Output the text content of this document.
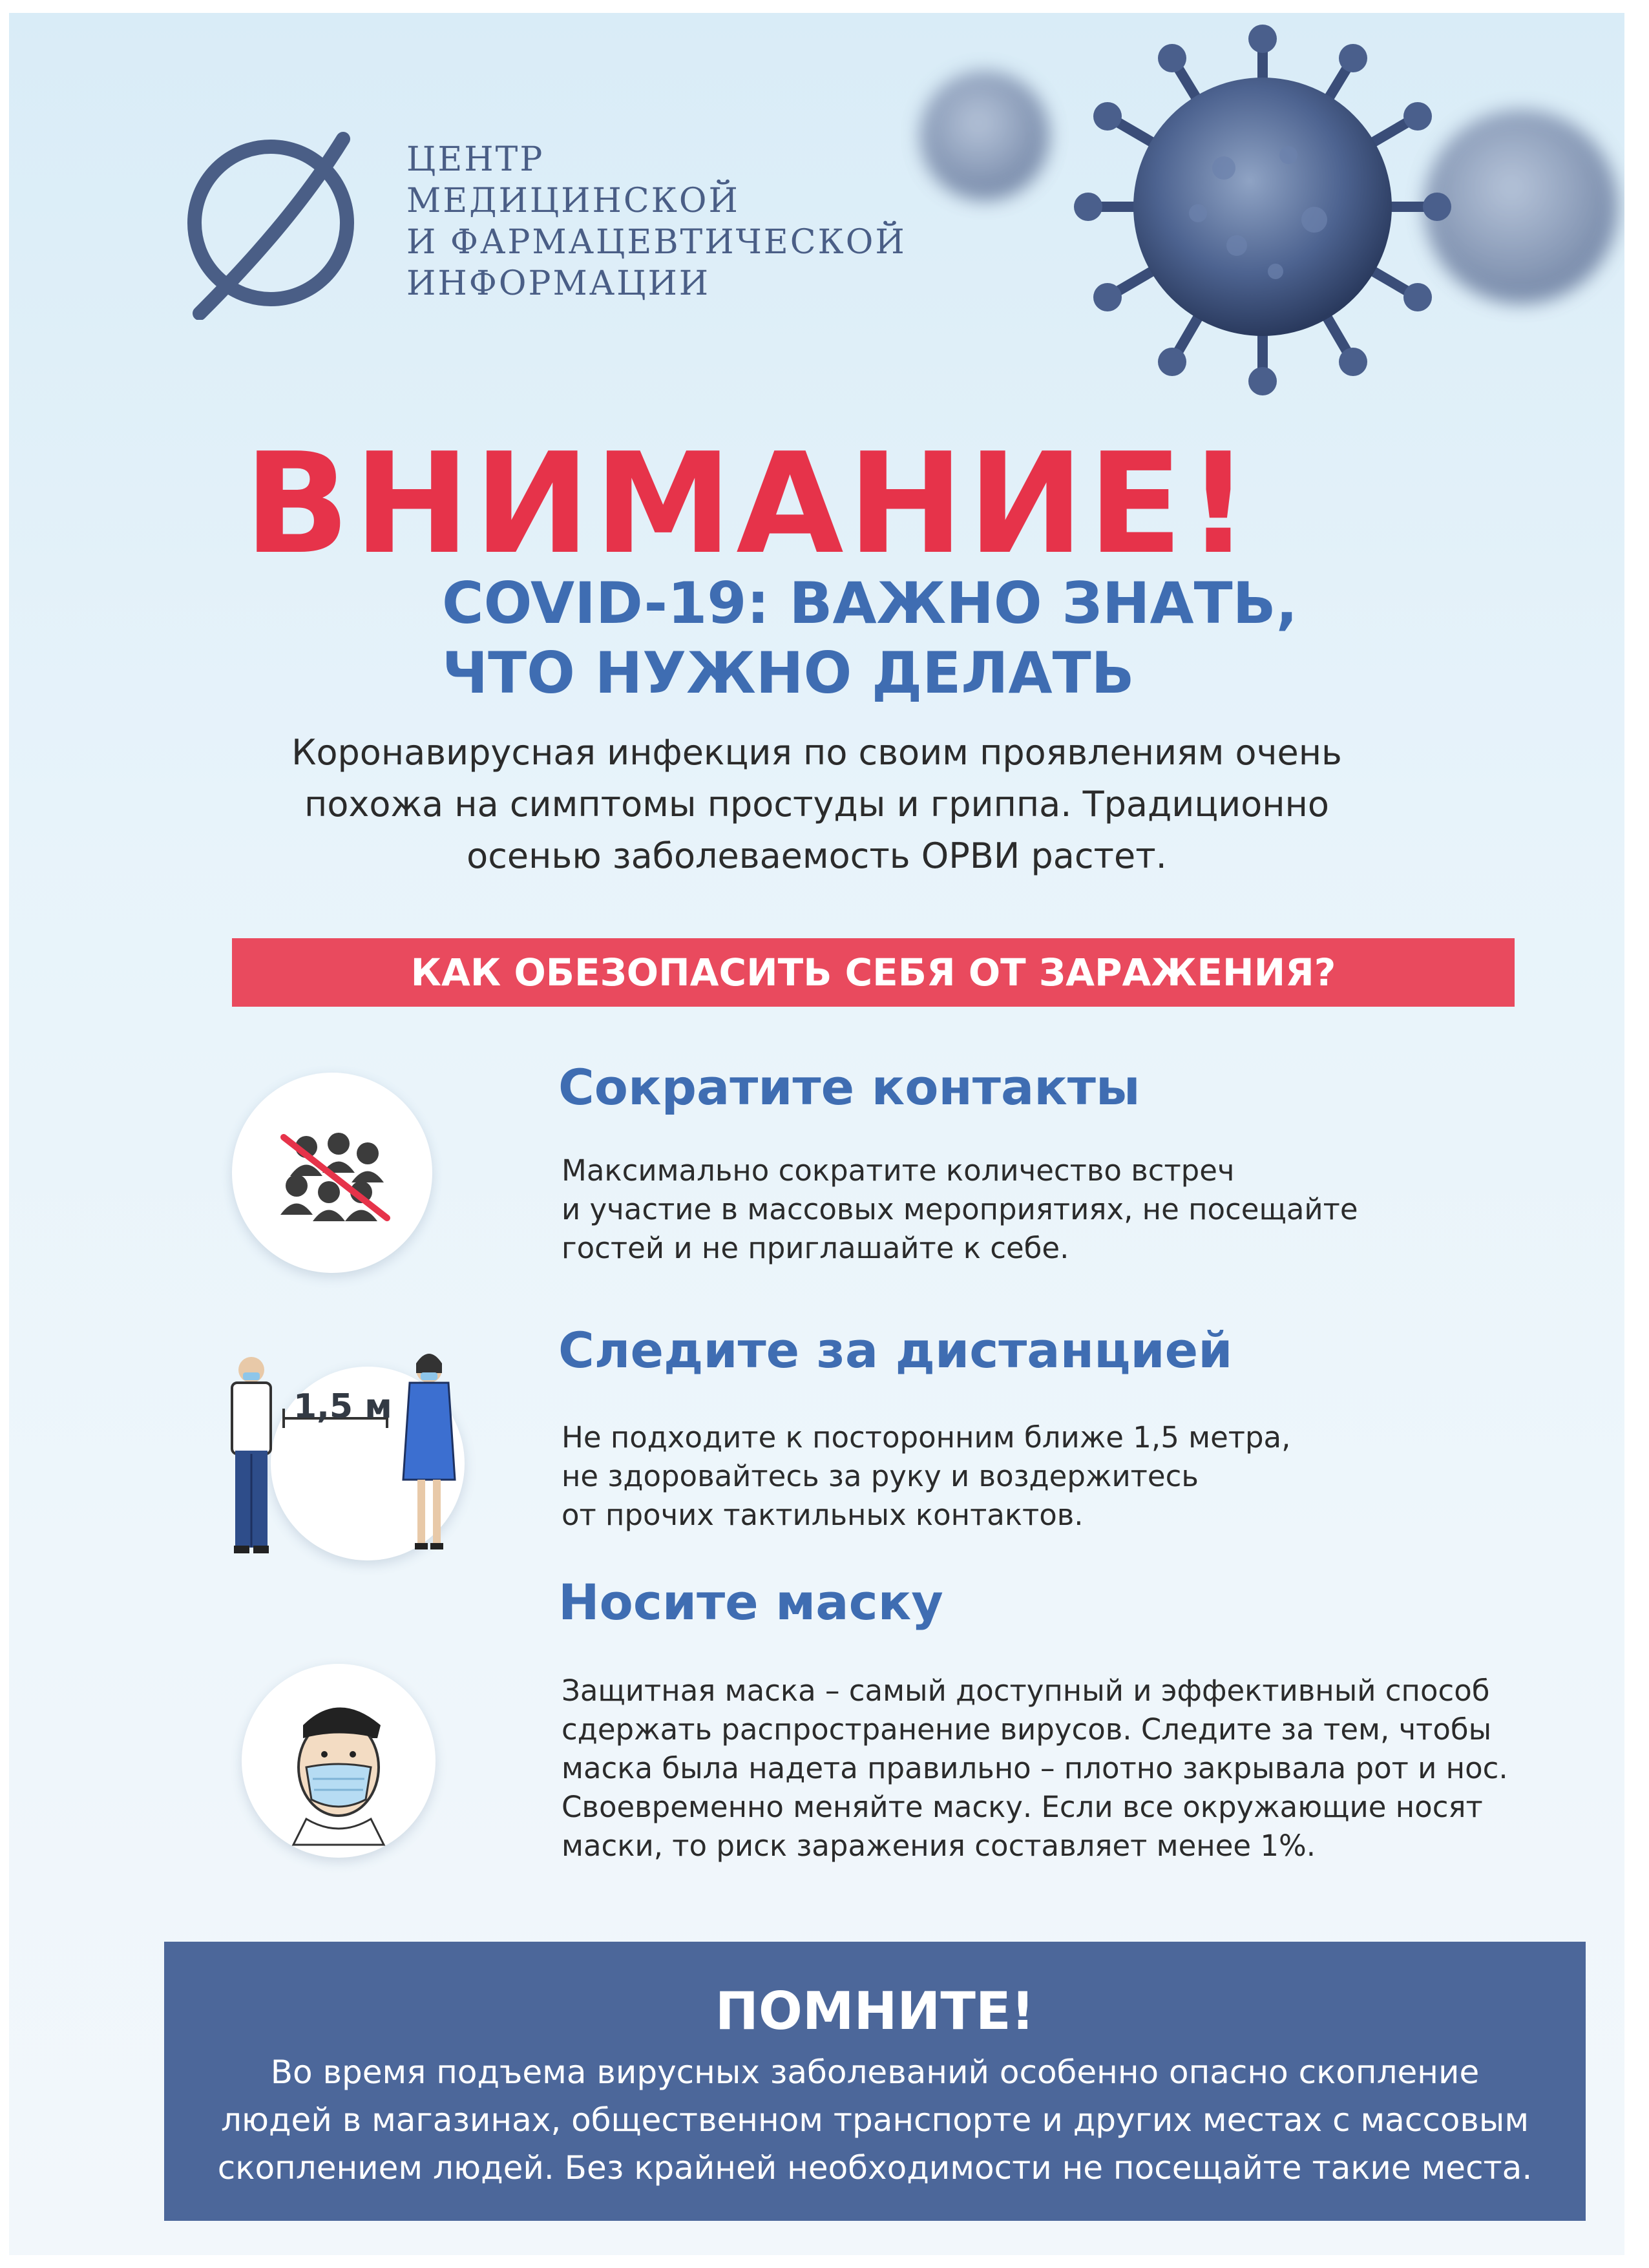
ЦЕНТР
МЕДИЦИНСКОЙ
И ФАРМАЦЕВТИЧЕСКОЙ
ИНФОРМАЦИИ
ВНИМАНИЕ!
COVID-19: ВАЖНО ЗНАТЬ,
ЧТО НУЖНО ДЕЛАТЬ
Коронавирусная инфекция по своим проявлениям очень
похожа на симптомы простуды и гриппа. Традиционно
осенью заболеваемость ОРВИ растет.
КАК ОБЕЗОПАСИТЬ СЕБЯ ОТ ЗАРАЖЕНИЯ?
Сократите контакты
Максимально сократите количество встреч
и участие в массовых мероприятиях, не посещайте
гостей и не приглашайте к себе.
1,5 м
Следите за дистанцией
Не подходите к посторонним ближе 1,5 метра,
не здоровайтесь за руку и воздержитесь
от прочих тактильных контактов.
Носите маску
Защитная маска – самый доступный и эффективный способ
сдержать распространение вирусов. Следите за тем, чтобы
маска была надета правильно – плотно закрывала рот и нос.
Своевременно меняйте маску. Если все окружающие носят
маски, то риск заражения составляет менее 1%.
ПОМНИТЕ!
Во время подъема вирусных заболеваний особенно опасно скопление
людей в магазинах, общественном транспорте и других местах с массовым
скоплением людей. Без крайней необходимости не посещайте такие места.
